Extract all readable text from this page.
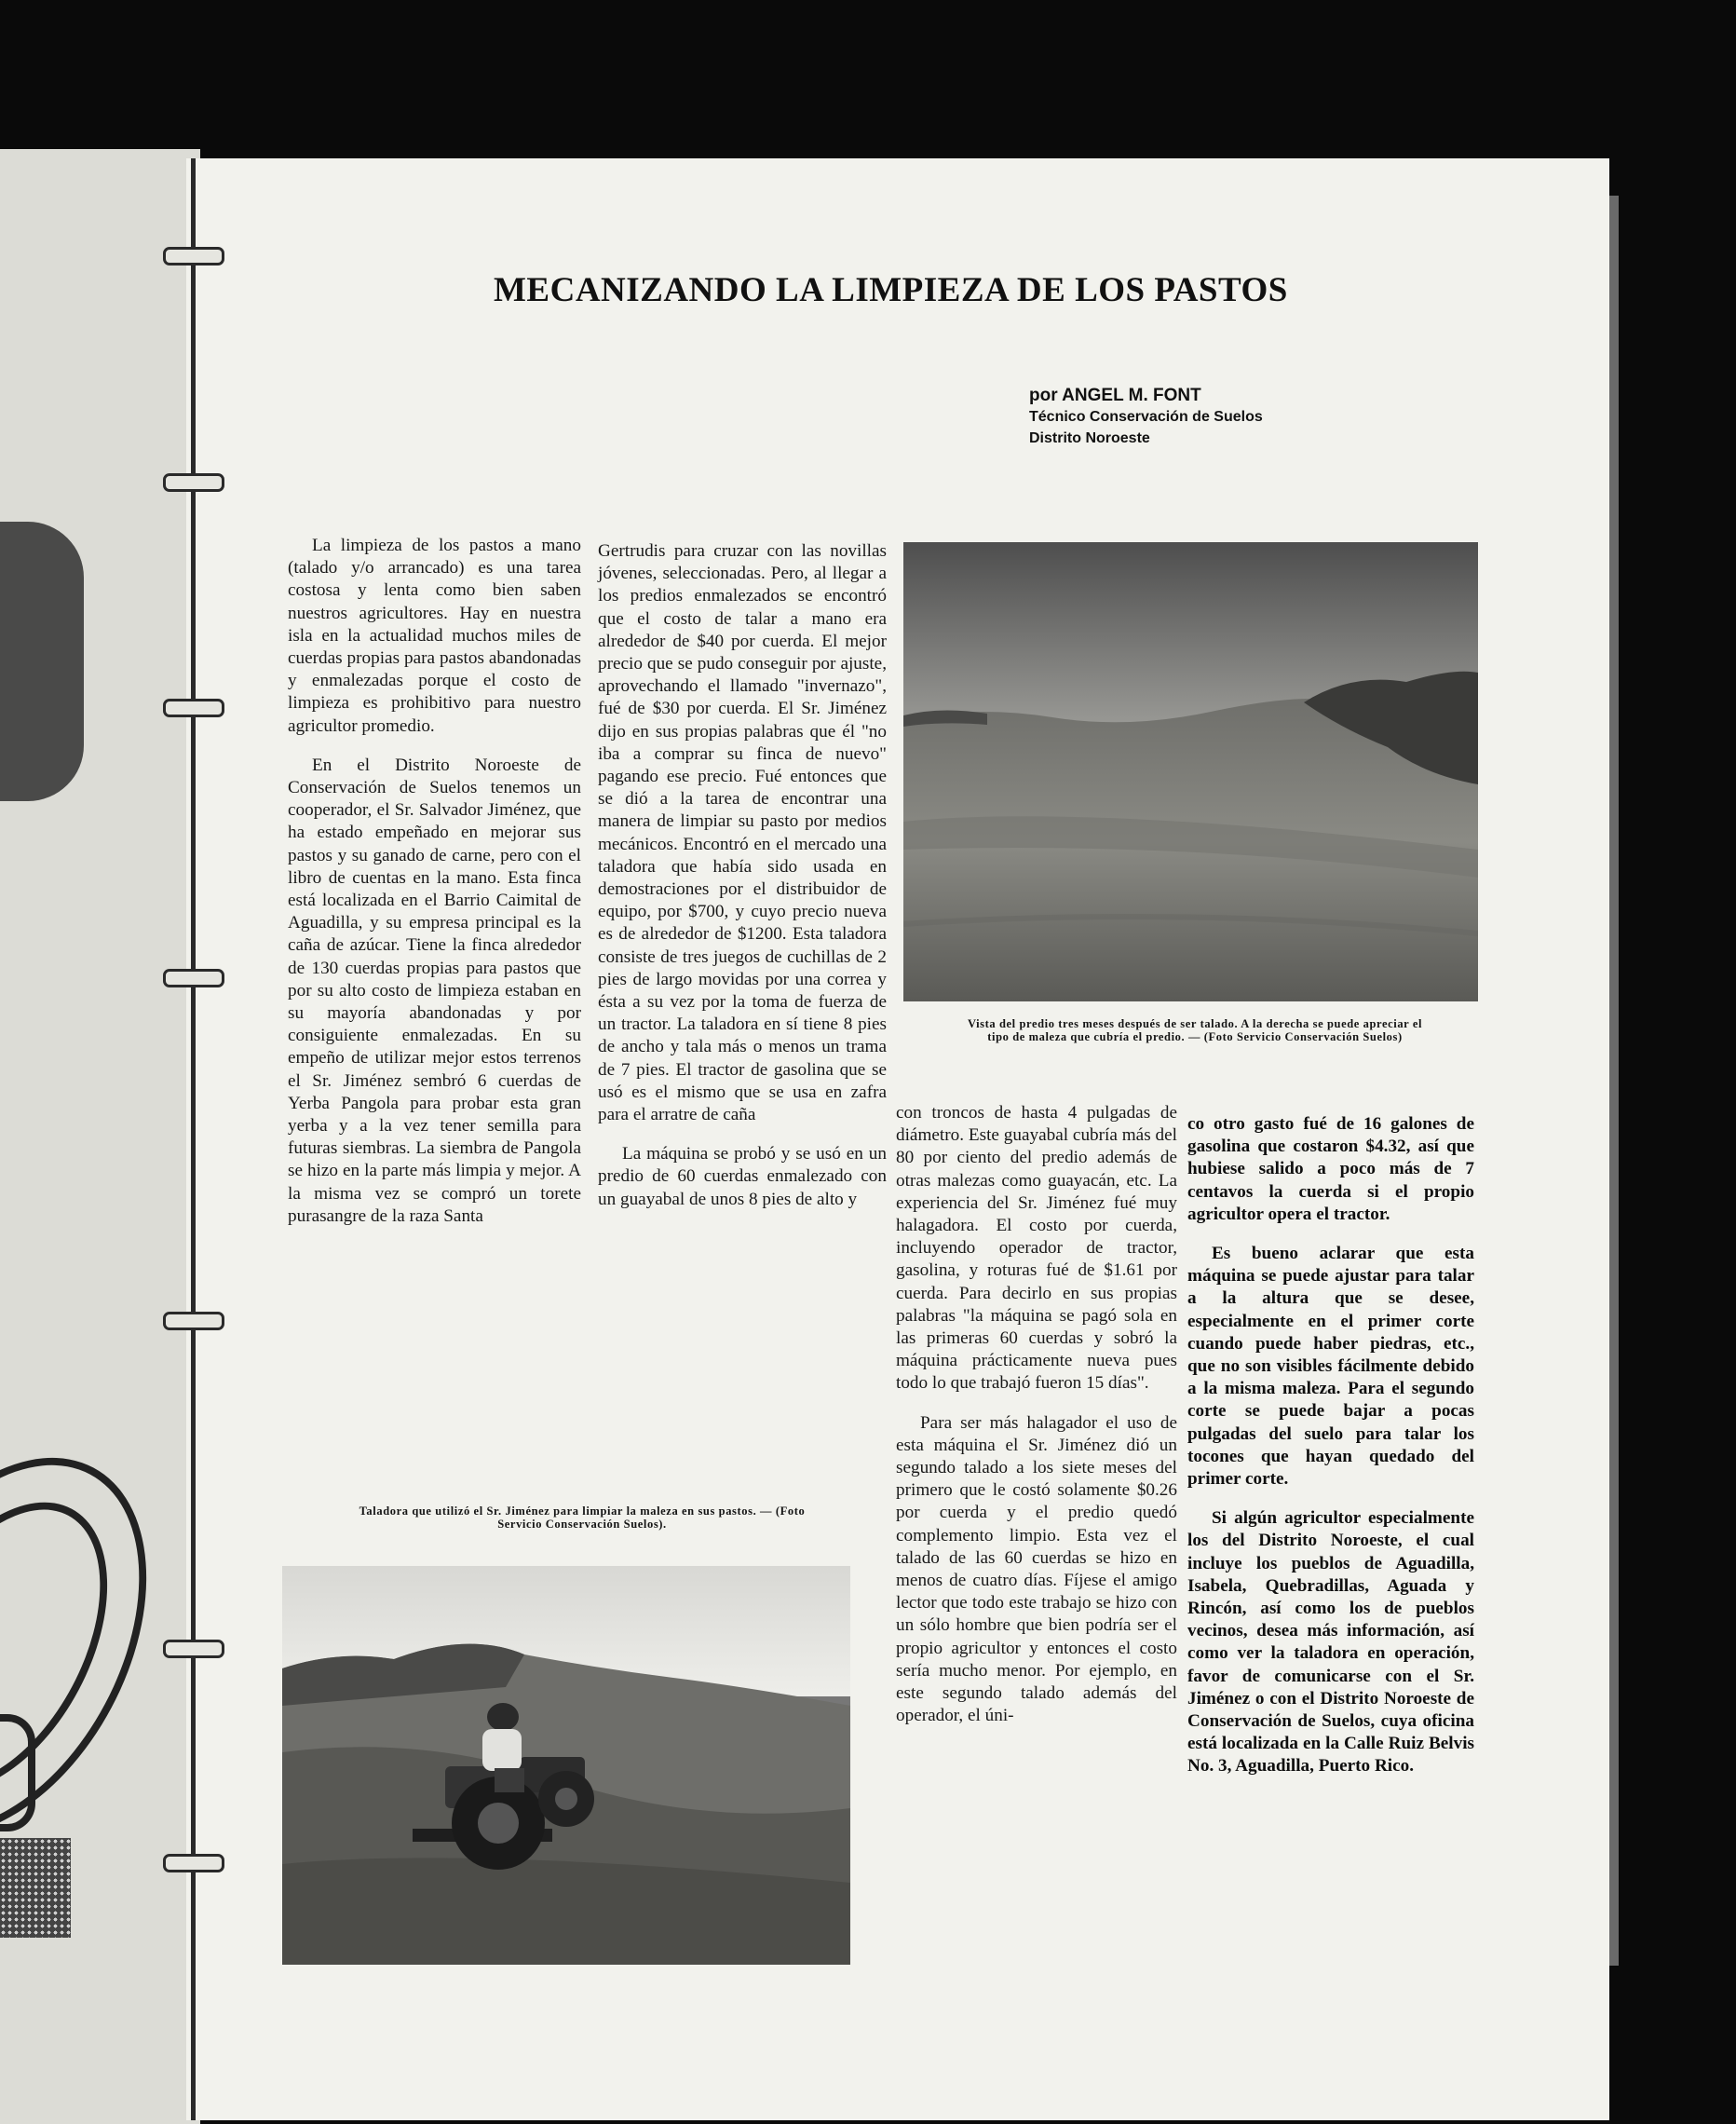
MECANIZANDO LA LIMPIEZA DE LOS PASTOS
por ANGEL M. FONT
Técnico Conservación de Suelos
Distrito Noroeste

La limpieza de los pastos a mano (talado y/o arrancado) es una tarea costosa y lenta como bien saben nuestros agricultores. Hay en nuestra isla en la actualidad muchos miles de cuerdas propias para pastos abandonadas y enmalezadas porque el costo de limpieza es prohibitivo para nuestro agricultor promedio.

En el Distrito Noroeste de Conservación de Suelos tenemos un cooperador, el Sr. Salvador Jiménez, que ha estado empeñado en mejorar sus pastos y su ganado de carne, pero con el libro de cuentas en la mano. Esta finca está localizada en el Barrio Caimital de Aguadilla, y su empresa principal es la caña de azúcar. Tiene la finca alrededor de 130 cuerdas propias para pastos que por su alto costo de limpieza estaban en su mayoría abandonadas y por consiguiente enmalezadas. En su empeño de utilizar mejor estos terrenos el Sr. Jiménez sembró 6 cuerdas de Yerba Pangola para probar esta gran yerba y a la vez tener semilla para futuras siembras. La siembra de Pangola se hizo en la parte más limpia y mejor. A la misma vez se compró un torete purasangre de la raza Santa

Gertrudis para cruzar con las novillas jóvenes, seleccionadas. Pero, al llegar a los predios enmalezados se encontró que el costo de talar a mano era alrededor de $40 por cuerda. El mejor precio que se pudo conseguir por ajuste, aprovechando el llamado "invernazo", fué de $30 por cuerda. El Sr. Jiménez dijo en sus propias palabras que él "no iba a comprar su finca de nuevo" pagando ese precio. Fué entonces que se dió a la tarea de encontrar una manera de limpiar su pasto por medios mecánicos. Encontró en el mercado una taladora que había sido usada en demostraciones por el distribuidor de equipo, por $700, y cuyo precio nueva es de alrededor de $1200. Esta taladora consiste de tres juegos de cuchillas de 2 pies de largo movidas por una correa y ésta a su vez por la toma de fuerza de un tractor. La taladora en sí tiene 8 pies de ancho y tala más o menos un trama de 7 pies. El tractor de gasolina que se usó es el mismo que se usa en zafra para el arratre de caña

La máquina se probó y se usó en un predio de 60 cuerdas enmalezado con un guayabal de unos 8 pies de alto y

con troncos de hasta 4 pulgadas de diámetro. Este guayabal cubría más del 80 por ciento del predio además de otras malezas como guayacán, etc. La experiencia del Sr. Jiménez fué muy halagadora. El costo por cuerda, incluyendo operador de tractor, gasolina, y roturas fué de $1.61 por cuerda. Para decirlo en sus propias palabras "la máquina se pagó sola en las primeras 60 cuerdas y sobró la máquina prácticamente nueva pues todo lo que trabajó fueron 15 días".

Para ser más halagador el uso de esta máquina el Sr. Jiménez dió un segundo talado a los siete meses del primero que le costó solamente $0.26 por cuerda y el predio quedó complemento limpio. Esta vez el talado de las 60 cuerdas se hizo en menos de cuatro días. Fíjese el amigo lector que todo este trabajo se hizo con un sólo hombre que bien podría ser el propio agricultor y entonces el costo sería mucho menor. Por ejemplo, en este segundo talado además del operador, el úni-

co otro gasto fué de 16 galones de gasolina que costaron $4.32, así que hubiese salido a poco más de 7 centavos la cuerda si el propio agricultor opera el tractor.

Es bueno aclarar que esta máquina se puede ajustar para talar a la altura que se desee, especialmente en el primer corte cuando puede haber piedras, etc., que no son visibles fácilmente debido a la misma maleza. Para el segundo corte se puede bajar a pocas pulgadas del suelo para talar los tocones que hayan quedado del primer corte.

Si algún agricultor especialmente los del Distrito Noroeste, el cual incluye los pueblos de Aguadilla, Isabela, Quebradillas, Aguada y Rincón, así como los de pueblos vecinos, desea más información, así como ver la taladora en operación, favor de comunicarse con el Sr. Jiménez o con el Distrito Noroeste de Conservación de Suelos, cuya oficina está localizada en la Calle Ruiz Belvis No. 3, Aguadilla, Puerto Rico.

Vista del predio tres meses después de ser talado. A la derecha se puede apreciar el tipo de maleza que cubría el predio. — (Foto Servicio Conservación Suelos)
Taladora que utilizó el Sr. Jiménez para limpiar la maleza en sus pastos. — (Foto Servicio Conservación Suelos).
